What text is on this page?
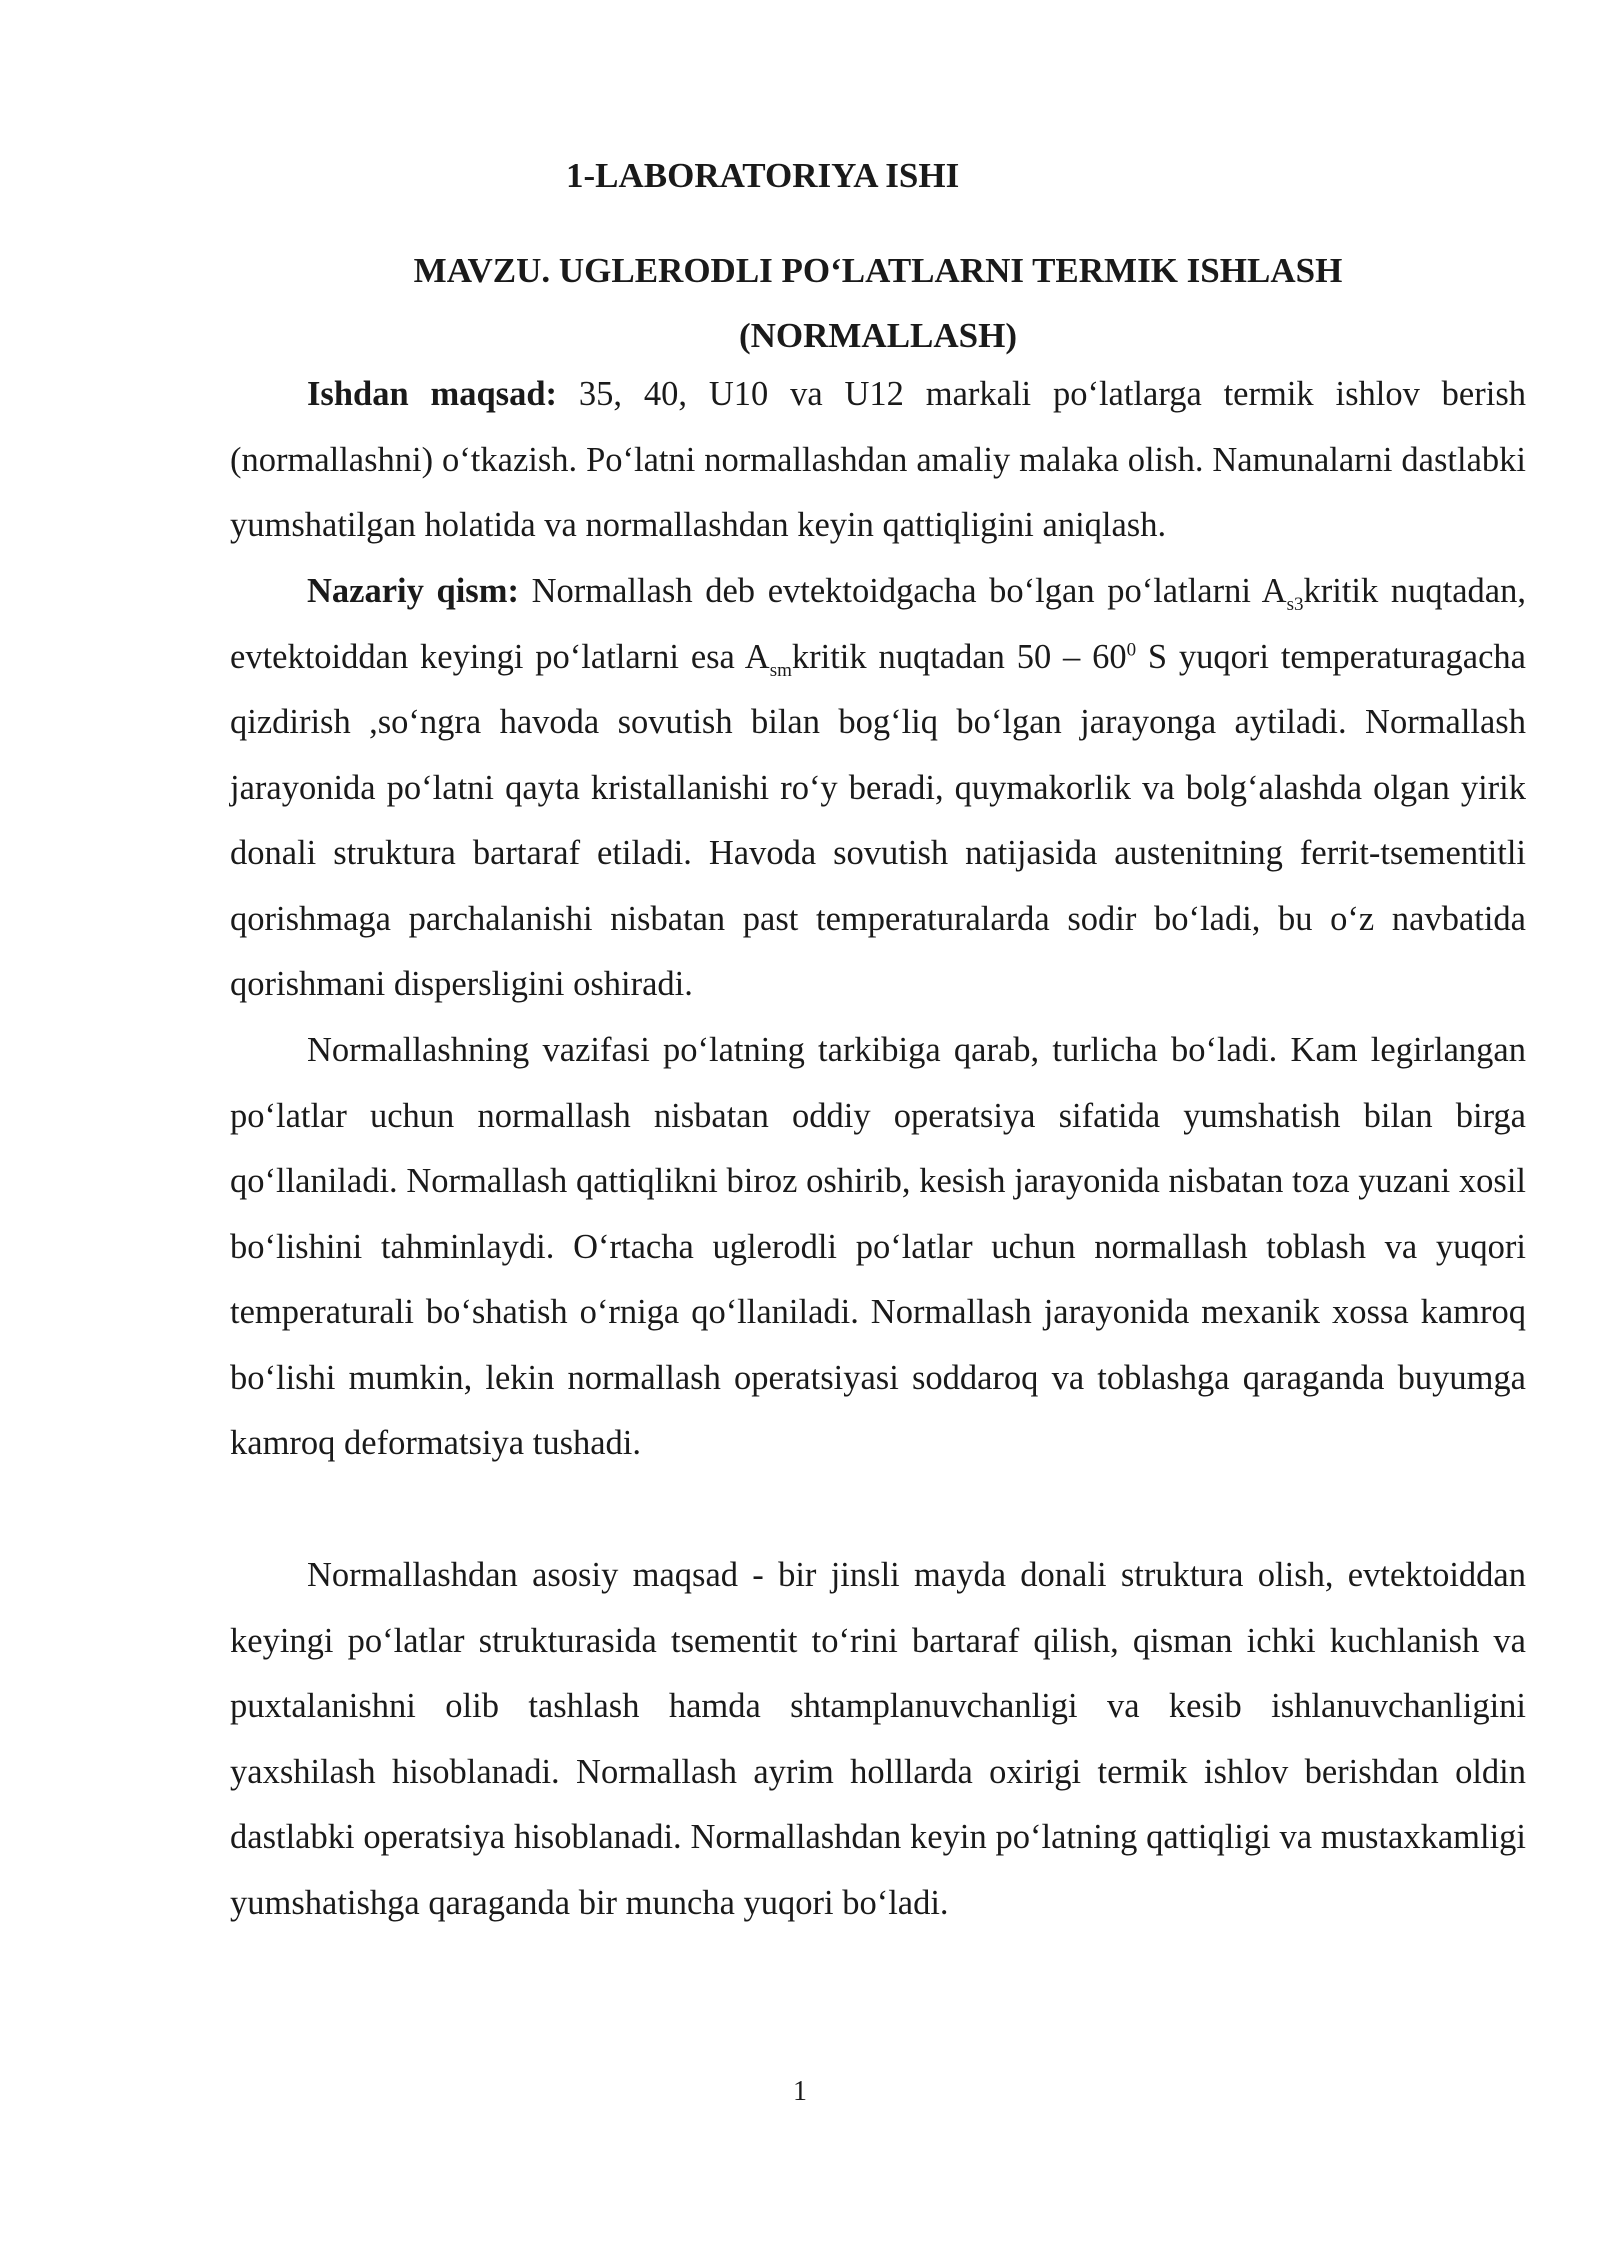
1-LABORATORIYA ISHI
MAVZU. UGLERODLI PO‘LATLARNI TERMIK ISHLASH
(NORMALLASH)

Ishdan maqsad: 35, 40, U10 va U12 markali po‘latlarga termik ishlov berish (normallashni) o‘tkazish. Po‘latni normallashdan amaliy malaka olish. Namunalarni dastlabki yumshatilgan holatida va normallashdan keyin qattiqligini aniqlash.

Nazariy qism: Normallash deb evtektoidgacha bo‘lgan po‘latlarni $A_{s3}kritik$ nuqtadan, evtektoiddan keyingi po‘latlarni esa $A_{sm}kritik$ nuqtadan $50 - 60^0$ S yuqori temperaturagacha qizdirish ,so‘ngra havoda sovutish bilan bog‘liq bo‘lgan jarayonga aytiladi. Normallash jarayonida po‘latni qayta kristallanishi ro‘y beradi, quymakorlik va bolg‘alashda olgan yirik donali struktura bartaraf etiladi. Havoda sovutish natijasida austenitning ferrit-tsementitli qorishmaga parchalanishi nisbatan past temperaturalarda sodir bo‘ladi, bu o‘z navbatida qorishmani dispersligini oshiradi.

Normallashning vazifasi po‘latning tarkibiga qarab, turlicha bo‘ladi. Kam legirlangan po‘latlar uchun normallash nisbatan oddiy operatsiya sifatida yumshatish bilan birga qo‘llaniladi. Normallash qattiqlikni biroz oshirib, kesish jarayonida nisbatan toza yuzani xosil bo‘lishini tahminlaydi. O‘rtacha uglerodli po‘latlar uchun normallash toblash va yuqori temperaturali bo‘shatish o‘rniga qo‘llaniladi. Normallash jarayonida mexanik xossa kamroq bo‘lishi mumkin, lekin normallash operatsiyasi soddaroq va toblashga qaraganda buyumga kamroq deformatsiya tushadi.

Normallashdan asosiy maqsad - bir jinsli mayda donali struktura olish, evtektoiddan keyingi po‘latlar strukturasida tsementit to‘rini bartaraf qilish, qisman ichki kuchlanish va puxtalanishni olib tashlash hamda shtamplanuvchanligi va kesib ishlanuvchanligini yaxshilash hisoblanadi. Normallash ayrim holllarda oxirigi termik ishlov berishdan oldin dastlabki operatsiya hisoblanadi. Normallashdan keyin po‘latning qattiqligi va mustaxkamligi yumshatishga qaraganda bir muncha yuqori bo‘ladi.

1
